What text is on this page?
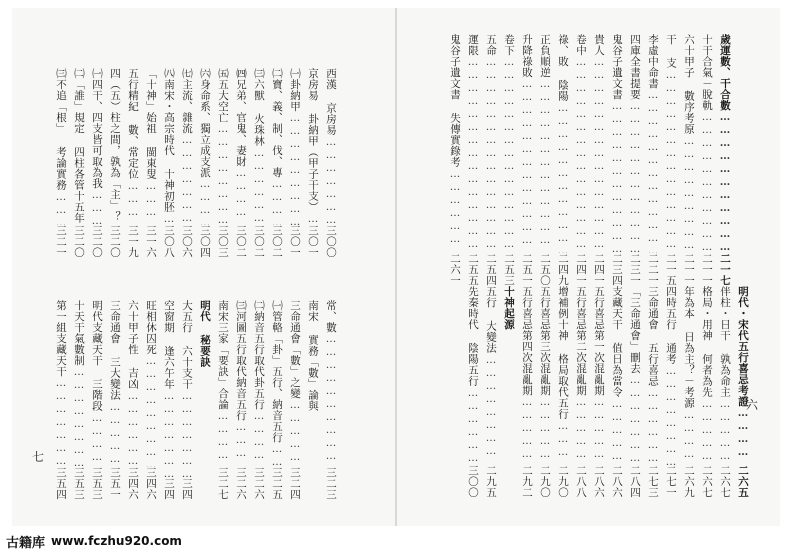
西漢 京房易
……………………………………………………………………………
三〇〇
京房易 卦納甲（甲子干支）
……………………………………………………………………………
三〇一
㈠卦納甲
……………………………………………………………………………
三〇一
㈡寶、義、制、伐、專
……………………………………………………………………………
三〇二
㈢六獸 火珠林
……………………………………………………………………………
三〇二
㈣兄弟、官鬼、妻財
……………………………………………………………………………
三〇二
㈤五大空亡
……………………………………………………………………………
三〇三
㈥身命系、獨立成支派
……………………………………………………………………………
三〇四
㈦主流、雜流
……………………………………………………………………………
三〇六
㈧南宋・高宗時代 十神初胚
……………………………………………………………………………
三〇八
「十神」始祖 閩東叟
……………………………………………………………………………
三一六
五行精紀 數、常定位
……………………………………………………………………………
三一九
四（五）柱之間，孰為「主」？
……………………………………………………………………………
三二〇
㈠四干、四支皆可取為我
……………………………………………………………………………
三二〇
㈡「誰」規定 四柱各管十五年
……………………………………………………………………………
三二〇
㈢不追「根」 考論實務
……………………………………………………………………………
三二一
常、數
……………………………………………………………………………
三二三
南宋 實務「數」論與
三命通會「數」之變
……………………………………………………………………………
三二四
㈠管輅「卦」五行、納音五行
……………………………………………………………………………
三二五
㈡納音五行取代卦五行
……………………………………………………………………………
三二六
㈢河圖五行取代納音五行
……………………………………………………………………………
三二六
南宋三家「要訣」合論
……………………………………………………………………………
三二七
明代 秘要訣
大五行 六十支干
……………………………………………………………………………
三四
空窗期 逢六午年
……………………………………………………………………………
三四
旺相休囚死
……………………………………………………………………………
三四六
六十甲子性 吉凶
……………………………………………………………………………
三四六
三命通會 三大變法
……………………………………………………………………………
三五一
明代支藏天干 三階段
……………………………………………………………………………
三五三
十天干氣數制
……………………………………………………………………………
三五三
第一組支藏天干
……………………………………………………………………………
三五四
七
歲運數、干合數
……………………………………………………………………………
二一七
十干合氣－脫軌
……………………………………………………………………………
二一一
六十甲子 數序考原
……………………………………………………………………………
二一一
干 支
……………………………………………………………………………
二一五
李虛中命書
……………………………………………………………………………
二二一
四庫全書提要
……………………………………………………………………………
二三一
鬼谷子遺文書
……………………………………………………………………………
二三四
貴人
……………………………………………………………………………
二四一
卷中
……………………………………………………………………………
二四一
祿、敗 陰陽
……………………………………………………………………………
二四九
正負順逆
……………………………………………………………………………
二五〇
升降祿敗
……………………………………………………………………………
二五一
卷下
……………………………………………………………………………
二五三
五命
……………………………………………………………………………
二五四
運限
……………………………………………………………………………
二五五
鬼谷子遺文書 失傳實錄考
……………………………………………………………………………
二六一
明代・宋代五行喜忌考證
……………………………………………………………………………
二六五
伴柱・日干 孰為命主
……………………………………………………………………………
二六七
格局・用神 何者為先
……………………………………………………………………………
二六七
年為本 日為主？－考源
……………………………………………………………………………
二六九
四時五行 通考
……………………………………………………………………………
二七一
三命通會 五行喜忌
……………………………………………………………………………
二七三
「三命通會」刪去
……………………………………………………………………………
二八四
支藏天干 值日為當令
……………………………………………………………………………
二八六
五行喜忌第一次混亂期
……………………………………………………………………………
二八六
五行喜忌第二次混亂期
……………………………………………………………………………
二八八
增補例十神 格局取代五行
……………………………………………………………………………
二九〇
五行喜忌第三次混亂期
……………………………………………………………………………
二九〇
五行喜忌第四次混亂期
……………………………………………………………………………
二九二
十神起源
五行 大變法
……………………………………………………………………………
二九五
先秦時代 陰陽五行
……………………………………………………………………………
三〇〇
六
古籍库 www.fczhu920.com
